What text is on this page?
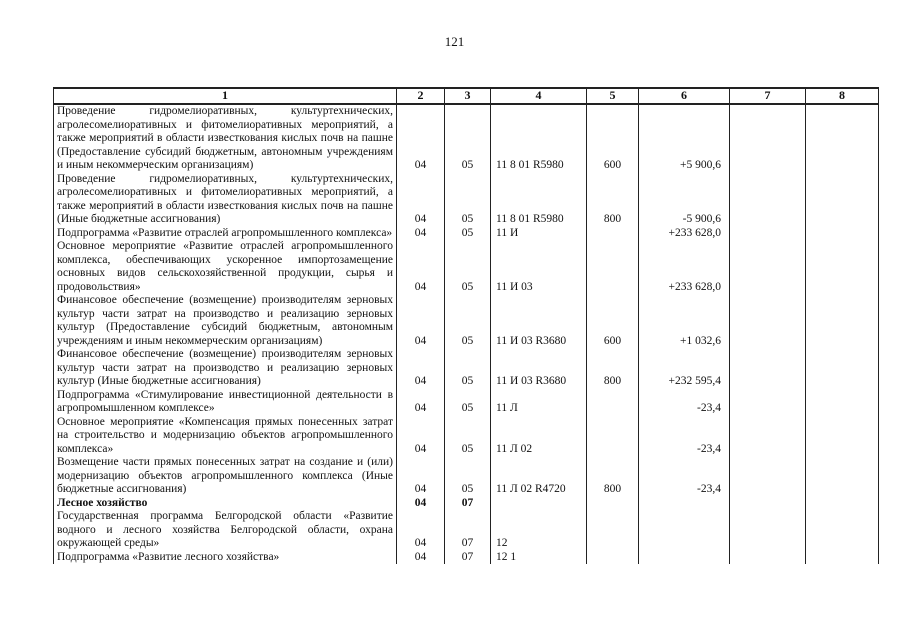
121
1	2	3	4	5	6	7	8
Проведение гидромелиоративных, культуртехнических, агролесомелиоративных и фитомелиоративных мероприятий, а также мероприятий в области известкования кислых почв на пашне (Предоставление субсидий бюджетным, автономным учреждениям и иным некоммерческим организациям)	04	05	11 8 01 R5980	600	+5 900,6		
Проведение гидромелиоративных, культуртехнических, агролесомелиоративных и фитомелиоративных мероприятий, а также мероприятий в области известкования кислых почв на пашне (Иные бюджетные ассигнования)	04	05	11 8 01 R5980	800	-5 900,6		
Подпрограмма «Развитие отраслей агропромышленного комплекса»	04	05	11 И		+233 628,0		
Основное мероприятие «Развитие отраслей агропромышленного комплекса, обеспечивающих ускоренное импортозамещение основных видов сельскохозяйственной продукции, сырья и продовольствия»	04	05	11 И 03		+233 628,0		
Финансовое обеспечение (возмещение) производителям зерновых культур части затрат на производство и реализацию зерновых культур (Предоставление субсидий бюджетным, автономным учреждениям и иным некоммерческим организациям)	04	05	11 И 03 R3680	600	+1 032,6		
Финансовое обеспечение (возмещение) производителям зерновых культур части затрат на производство и реализацию зерновых культур (Иные бюджетные ассигнования)	04	05	11 И 03 R3680	800	+232 595,4		
Подпрограмма «Стимулирование инвестиционной деятельности в агропромышленном комплексе»	04	05	11 Л		-23,4		
Основное мероприятие «Компенсация прямых понесенных затрат на строительство и модернизацию объектов агропромышленного комплекса»	04	05	11 Л 02		-23,4		
Возмещение части прямых понесенных затрат на создание и (или) модернизацию объектов агропромышленного комплекса (Иные бюджетные ассигнования)	04	05	11 Л 02 R4720	800	-23,4		
Лесное хозяйство	04	07					
Государственная программа Белгородской области «Развитие водного и лесного хозяйства Белгородской области, охрана окружающей среды»	04	07	12				
Подпрограмма «Развитие лесного хозяйства»	04	07	12 1				
